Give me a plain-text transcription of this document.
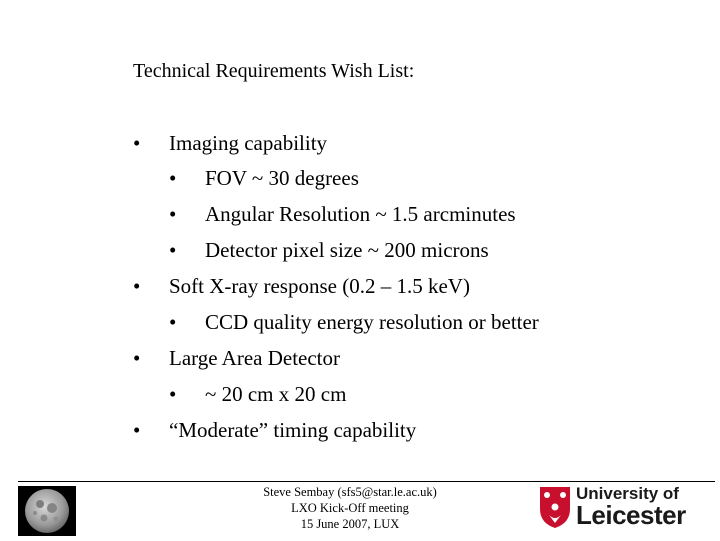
Technical Requirements Wish List:
• Imaging capability
• FOV ~ 30 degrees
• Angular Resolution ~ 1.5 arcminutes
• Detector pixel size ~ 200 microns
• Soft X-ray response (0.2 – 1.5 keV)
• CCD quality energy resolution or better
• Large Area Detector
• ~ 20 cm x 20 cm
• “Moderate” timing capability
Steve Sembay (sfs5@star.le.ac.uk)
LXO Kick-Off meeting
15 June 2007, LUX
University of
Leicester
